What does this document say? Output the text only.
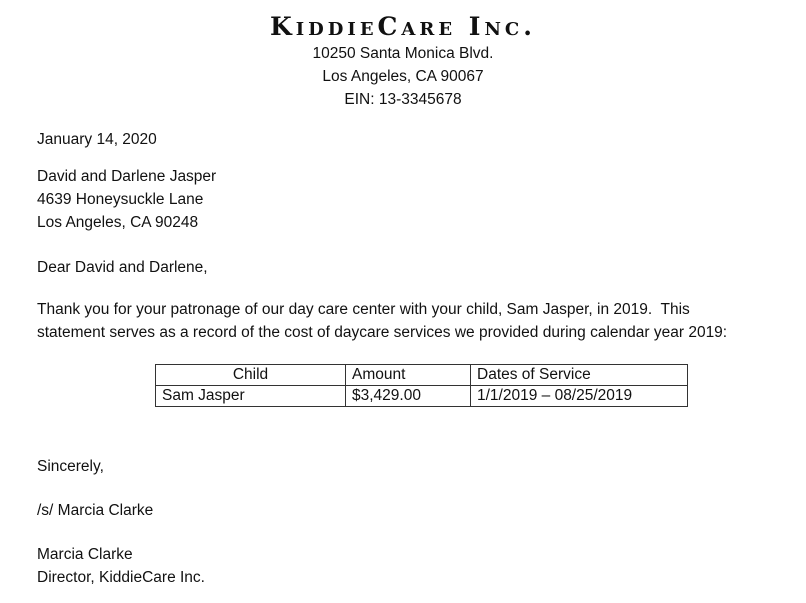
KiddieCare Inc.
10250 Santa Monica Blvd.
Los Angeles, CA 90067
EIN: 13-3345678
January 14, 2020
David and Darlene Jasper
4639 Honeysuckle Lane
Los Angeles, CA 90248
Dear David and Darlene,
Thank you for your patronage of our day care center with your child, Sam Jasper, in 2019.  This
statement serves as a record of the cost of daycare services we provided during calendar year 2019:
Child	Amount	Dates of Service
Sam Jasper	$3,429.00	1/1/2019 – 08/25/2019
Sincerely,
/s/ Marcia Clarke
Marcia Clarke
Director, KiddieCare Inc.
